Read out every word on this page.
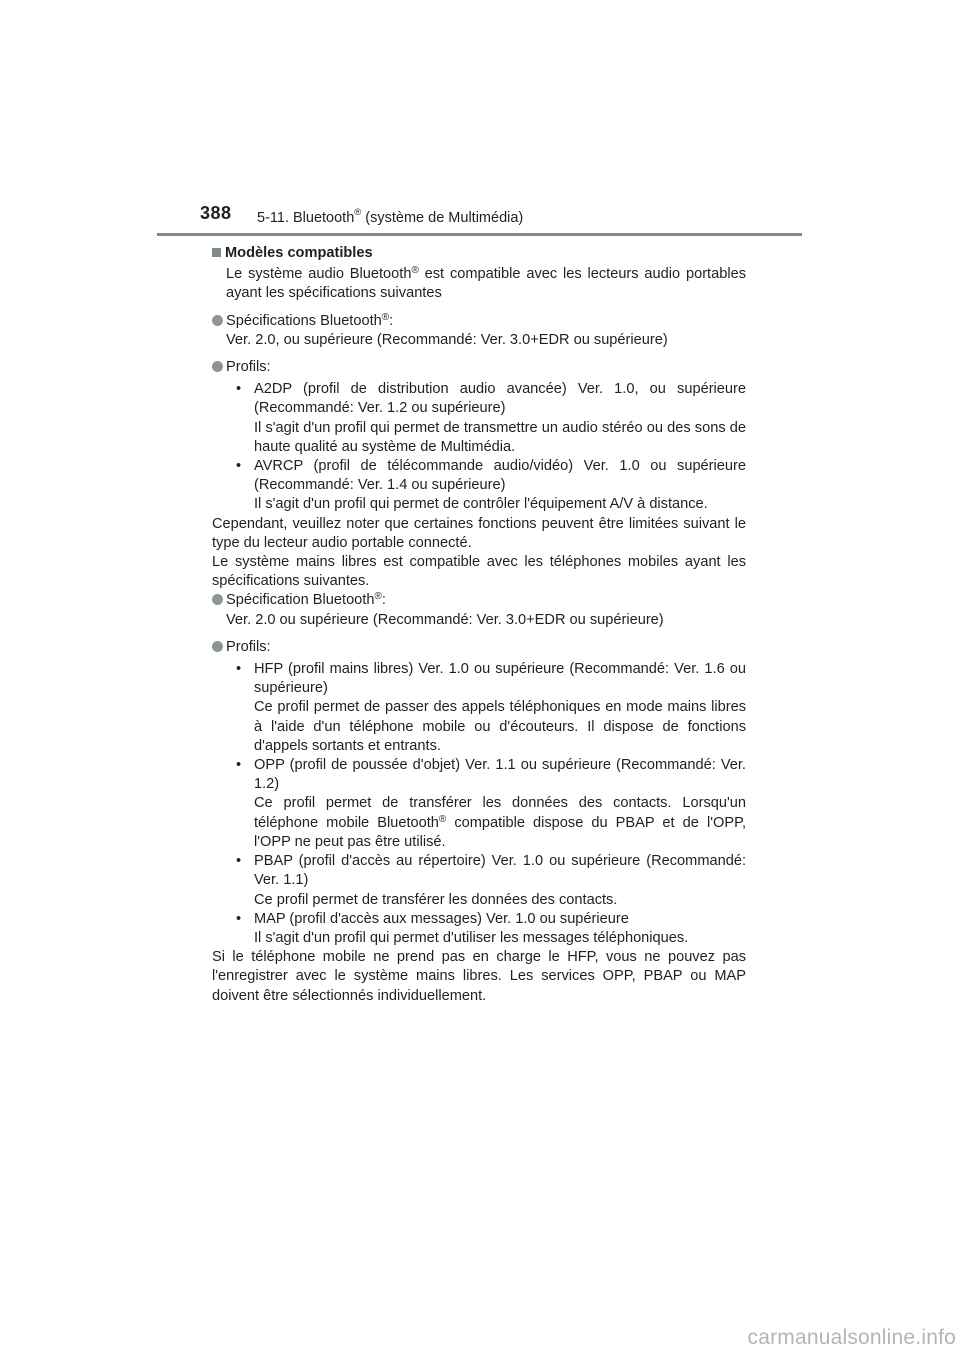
388 5-11. Bluetooth® (système de Multimédia)
Modèles compatibles

Le système audio Bluetooth® est compatible avec les lecteurs audio portables ayant les spécifications suivantes

Spécifications Bluetooth®:
Ver. 2.0, ou supérieure (Recommandé: Ver. 3.0+EDR ou supérieure)
Profils:
• A2DP (profil de distribution audio avancée) Ver. 1.0, ou supérieure (Recommandé: Ver. 1.2 ou supérieure)
Il s'agit d'un profil qui permet de transmettre un audio stéréo ou des sons de haute qualité au système de Multimédia.
• AVRCP (profil de télécommande audio/vidéo) Ver. 1.0 ou supérieure (Recommandé: Ver. 1.4 ou supérieure)
Il s'agit d'un profil qui permet de contrôler l'équipement A/V à distance.

Cependant, veuillez noter que certaines fonctions peuvent être limitées suivant le type du lecteur audio portable connecté.

Le système mains libres est compatible avec les téléphones mobiles ayant les spécifications suivantes.

Spécification Bluetooth®:
Ver. 2.0 ou supérieure (Recommandé: Ver. 3.0+EDR ou supérieure)
Profils:
• HFP (profil mains libres) Ver. 1.0 ou supérieure (Recommandé: Ver. 1.6 ou supérieure)
Ce profil permet de passer des appels téléphoniques en mode mains libres à l'aide d'un téléphone mobile ou d'écouteurs. Il dispose de fonctions d'appels sortants et entrants.
• OPP (profil de poussée d'objet) Ver. 1.1 ou supérieure (Recommandé: Ver. 1.2)
Ce profil permet de transférer les données des contacts. Lorsqu'un téléphone mobile Bluetooth® compatible dispose du PBAP et de l'OPP, l'OPP ne peut pas être utilisé.
• PBAP (profil d'accès au répertoire) Ver. 1.0 ou supérieure (Recommandé: Ver. 1.1)
Ce profil permet de transférer les données des contacts.
• MAP (profil d'accès aux messages) Ver. 1.0 ou supérieure
Il s'agit d'un profil qui permet d'utiliser les messages téléphoniques.

Si le téléphone mobile ne prend pas en charge le HFP, vous ne pouvez pas l'enregistrer avec le système mains libres. Les services OPP, PBAP ou MAP doivent être sélectionnés individuellement.

carmanualsonline.info
